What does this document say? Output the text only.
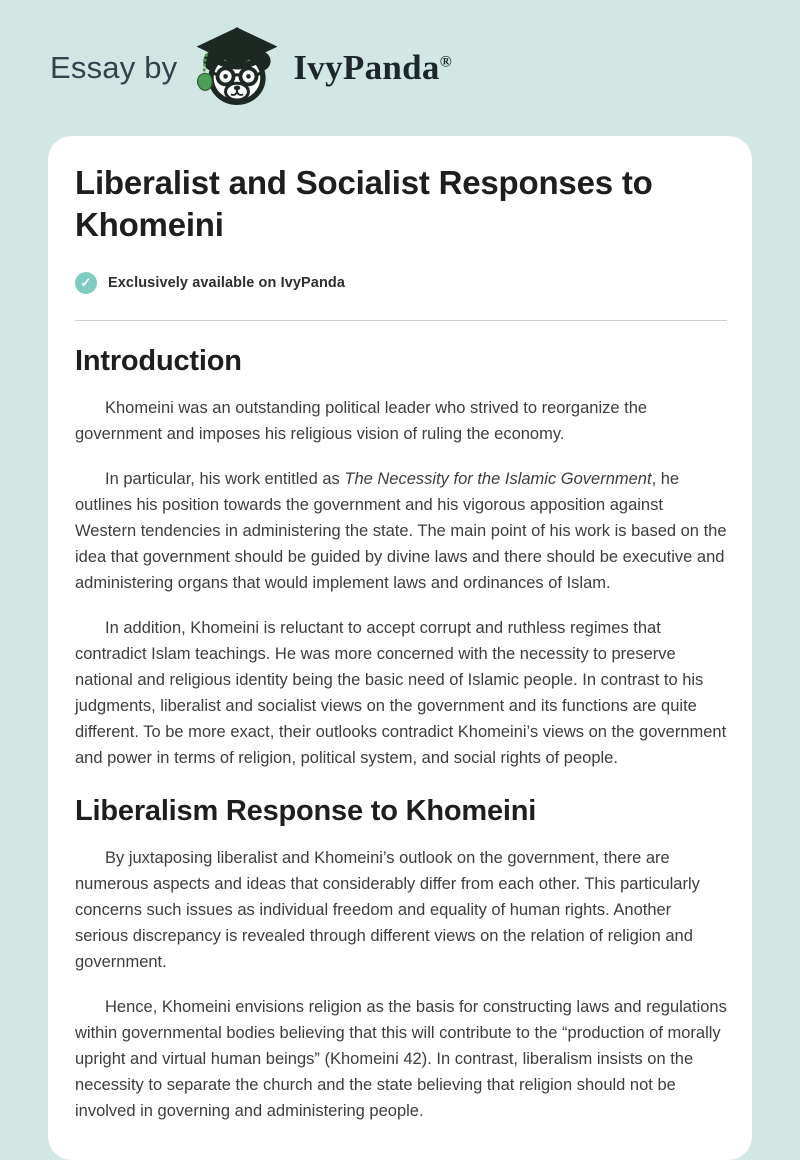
Essay by	IvyPanda®
Liberalist and Socialist Responses to Khomeini
✓	Exclusively available on IvyPanda
Introduction

Khomeini was an outstanding political leader who strived to reorganize the government and imposes his religious vision of ruling the economy.

In particular, his work entitled as The Necessity for the Islamic Government, he outlines his position towards the government and his vigorous apposition against Western tendencies in administering the state. The main point of his work is based on the idea that government should be guided by divine laws and there should be executive and administering organs that would implement laws and ordinances of Islam.

In addition, Khomeini is reluctant to accept corrupt and ruthless regimes that contradict Islam teachings. He was more concerned with the necessity to preserve national and religious identity being the basic need of Islamic people. In contrast to his judgments, liberalist and socialist views on the government and its functions are quite different. To be more exact, their outlooks contradict Khomeini’s views on the government and power in terms of religion, political system, and social rights of people.

Liberalism Response to Khomeini

By juxtaposing liberalist and Khomeini’s outlook on the government, there are numerous aspects and ideas that considerably differ from each other. This particularly concerns such issues as individual freedom and equality of human rights. Another serious discrepancy is revealed through different views on the relation of religion and government.

Hence, Khomeini envisions religion as the basis for constructing laws and regulations within governmental bodies believing that this will contribute to the “production of morally upright and virtual human beings” (Khomeini 42). In contrast, liberalism insists on the necessity to separate the church and the state believing that religion should not be involved in governing and administering people.
